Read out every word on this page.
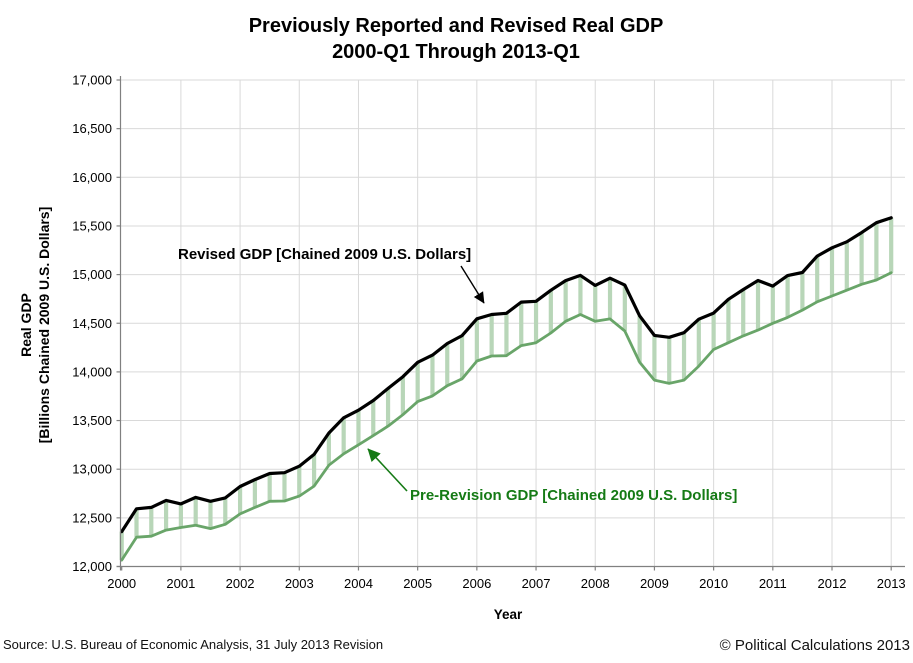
Previously Reported and Revised Real GDP
2000-Q1 Through 2013-Q1
17,000
16,500
16,000
15,500
15,000
14,500
14,000
13,500
13,000
12,500
12,000
2000 2001 2002 2003 2004 2005 2006 2007 2008 2009 2010 2011 2012 2013
Real GDP [Billions Chained 2009 U.S. Dollars]
Year
Revised GDP [Chained 2009 U.S. Dollars]
Pre-Revision GDP [Chained 2009 U.S. Dollars]
Source: U.S. Bureau of Economic Analysis, 31 July 2013 Revision	© Political Calculations 2013
